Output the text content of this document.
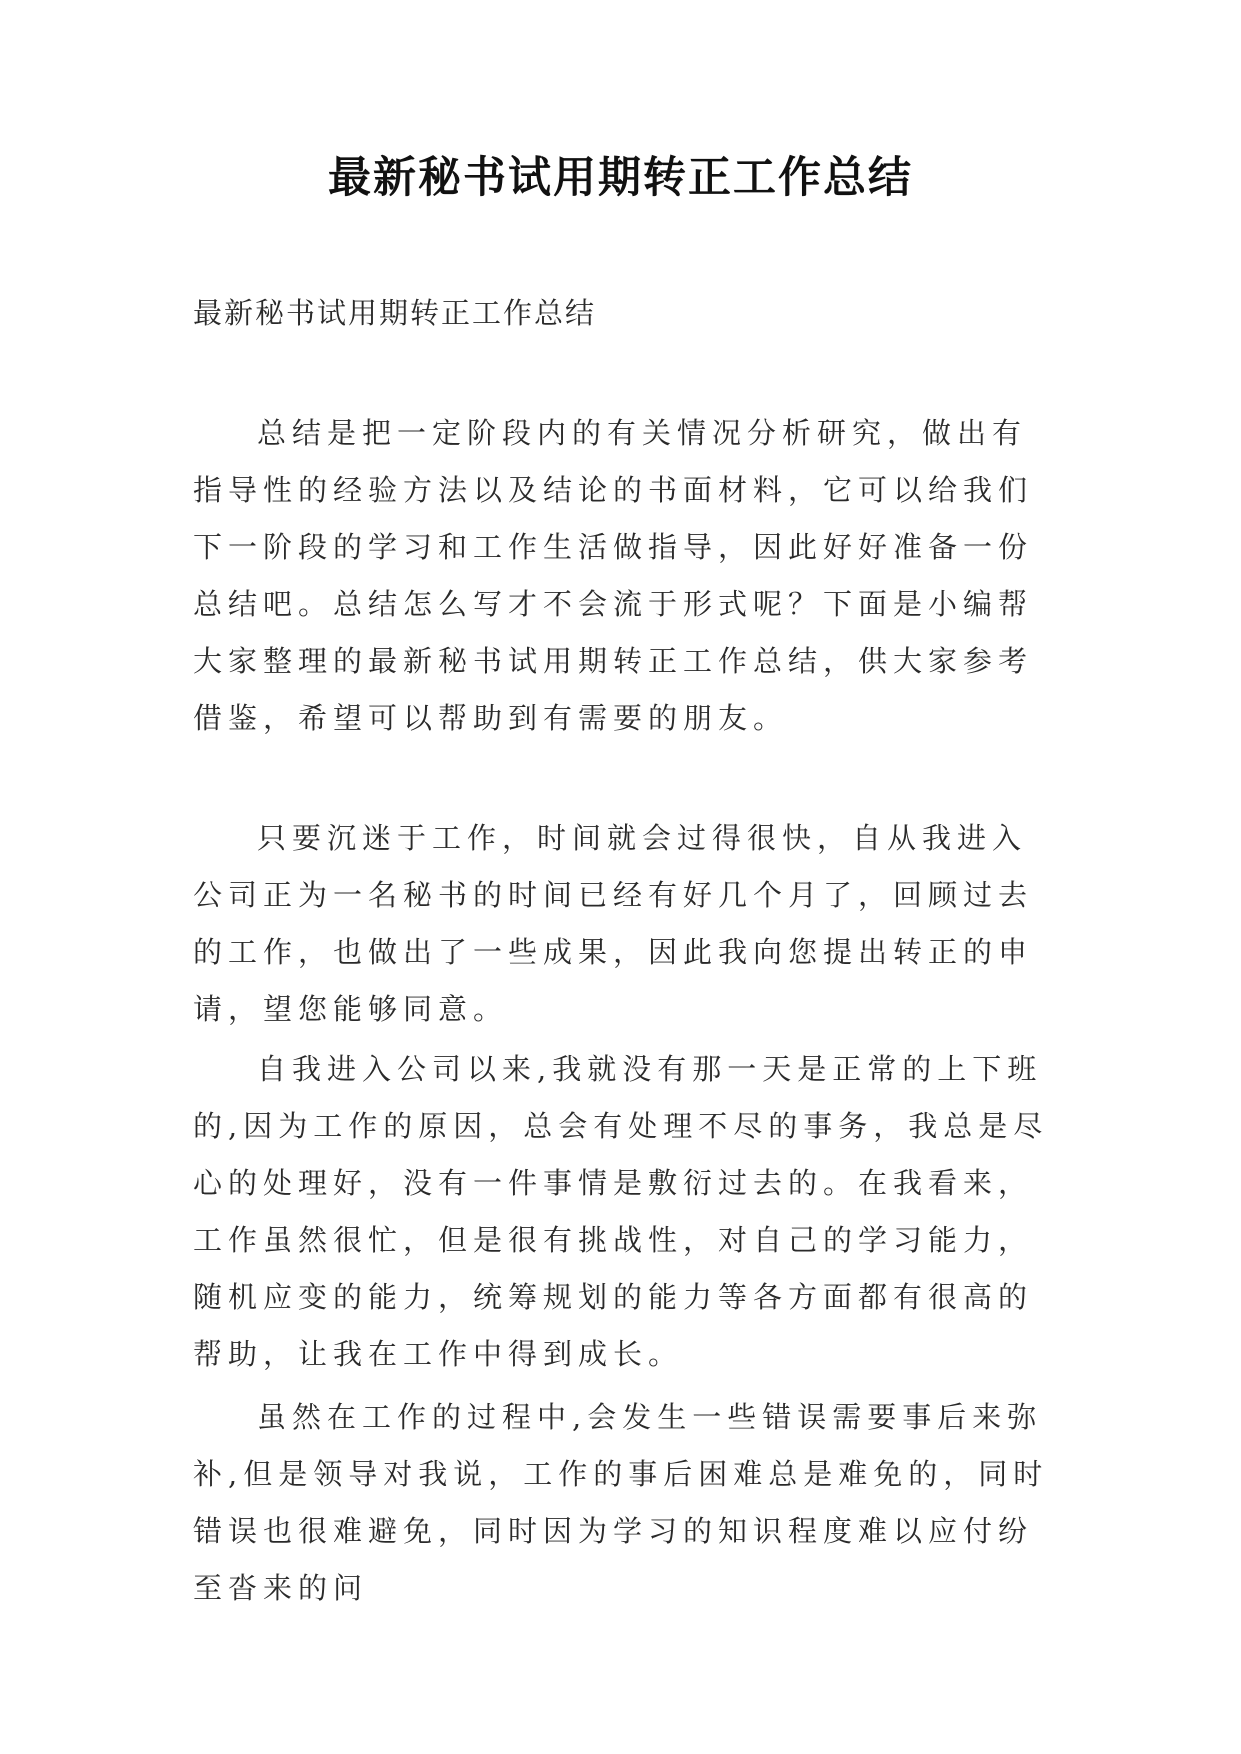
最新秘书试用期转正工作总结
最新秘书试用期转正工作总结

总结是把一定阶段内的有关情况分析研究，做出有指导性的经验方法以及结论的书面材料，它可以给我们下一阶段的学习和工作生活做指导，因此好好准备一份总结吧。总结怎么写才不会流于形式呢？下面是小编帮大家整理的最新秘书试用期转正工作总结，供大家参考借鉴，希望可以帮助到有需要的朋友。

只要沉迷于工作，时间就会过得很快，自从我进入公司正为一名秘书的时间已经有好几个月了，回顾过去的工作，也做出了一些成果，因此我向您提出转正的申请，望您能够同意。

自我进入公司以来,我就没有那一天是正常的上下班的,因为工作的原因，总会有处理不尽的事务，我总是尽心的处理好，没有一件事情是敷衍过去的。在我看来，工作虽然很忙，但是很有挑战性，对自己的学习能力，随机应变的能力，统筹规划的能力等各方面都有很高的帮助，让我在工作中得到成长。

虽然在工作的过程中,会发生一些错误需要事后来弥补,但是领导对我说，工作的事后困难总是难免的，同时错误也很难避免，同时因为学习的知识程度难以应付纷至沓来的问
